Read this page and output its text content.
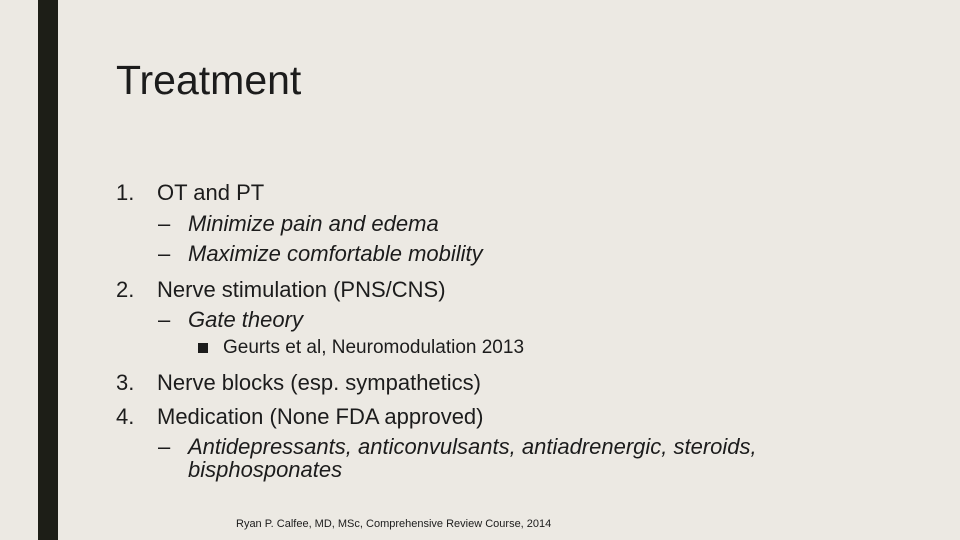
Treatment
1. OT and PT
– Minimize pain and edema
– Maximize comfortable mobility
2. Nerve stimulation (PNS/CNS)
– Gate theory
Geurts et al, Neuromodulation 2013
3. Nerve blocks (esp. sympathetics)
4. Medication (None FDA approved)
– Antidepressants, anticonvulsants, antiadrenergic, steroids,
bisphosponates
Ryan P. Calfee, MD, MSc, Comprehensive Review Course, 2014
